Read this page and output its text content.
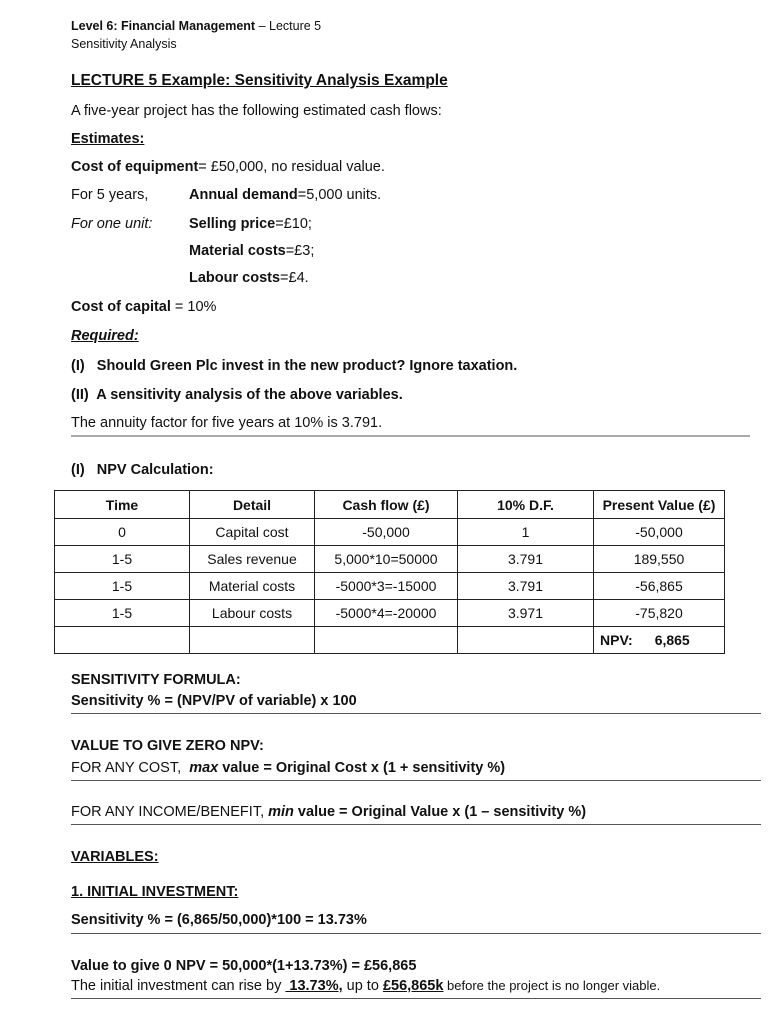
Level 6: Financial Management – Lecture 5
Sensitivity Analysis
LECTURE 5 Example: Sensitivity Analysis Example
A five-year project has the following estimated cash flows:
Estimates:
Cost of equipment= £50,000, no residual value.
For 5 years,	Annual demand=5,000 units.
For one unit:	Selling price=£10;
Material costs=£3;
Labour costs=£4.
Cost of capital = 10%
Required:
(I)   Should Green Plc invest in the new product? Ignore taxation.
(II)  A sensitivity analysis of the above variables.
The annuity factor for five years at 10% is 3.791.
(I)   NPV Calculation:
Time	Detail	Cash flow (£)	10% D.F.	Present Value (£)
0	Capital cost	-50,000	1	-50,000
1-5	Sales revenue	5,000*10=50000	3.791	189,550
1-5	Material costs	-5000*3=-15000	3.791	-56,865
1-5	Labour costs	-5000*4=-20000	3.971	-75,820
				NPV: 6,865
SENSITIVITY FORMULA:
Sensitivity % = (NPV/PV of variable) x 100
VALUE TO GIVE ZERO NPV:
FOR ANY COST,  max value = Original Cost x (1 + sensitivity %)
FOR ANY INCOME/BENEFIT, min value = Original Value x (1 – sensitivity %)
VARIABLES:
1. INITIAL INVESTMENT:
Sensitivity % = (6,865/50,000)*100 = 13.73%
Value to give 0 NPV = 50,000*(1+13.73%) = £56,865
The initial investment can rise by  13.73%, up to £56,865k before the project is no longer viable.
